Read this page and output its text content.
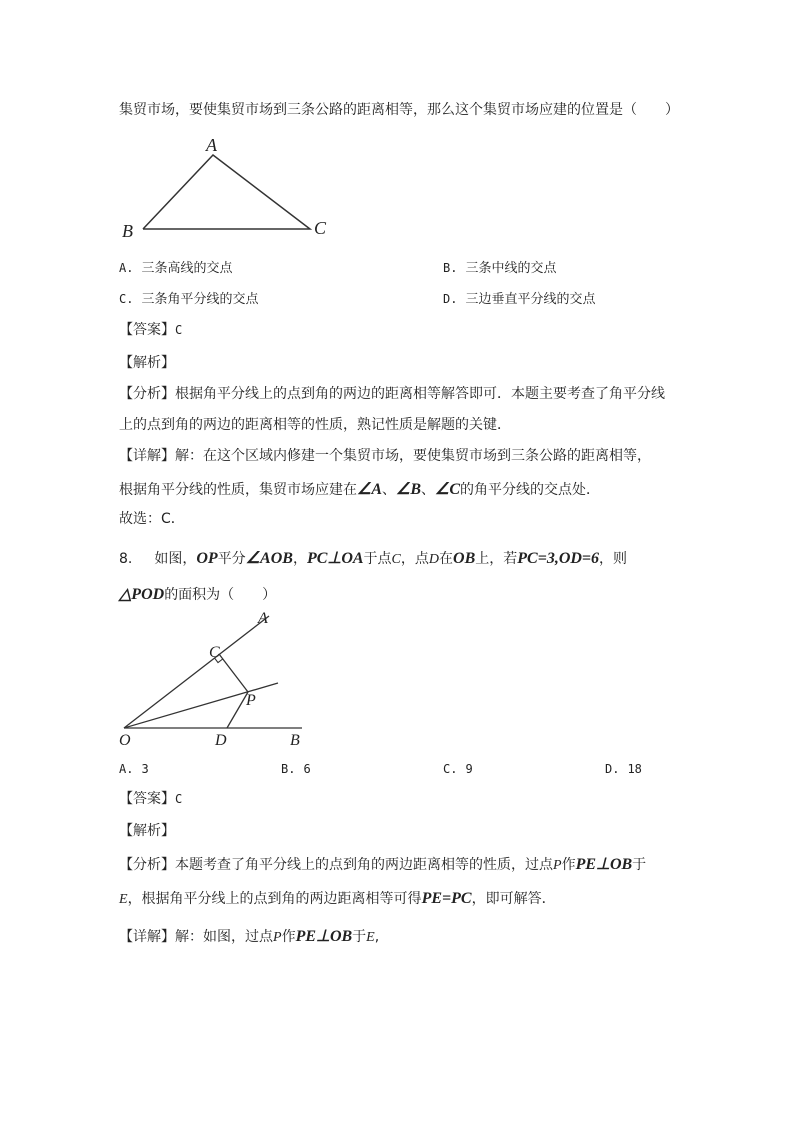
集贸市场，要使集贸市场到三条公路的距离相等，那么这个集贸市场应建的位置是（　　）
A
B	C
A. 三条高线的交点	B. 三条中线的交点
C. 三条角平分线的交点	D. 三边垂直平分线的交点
【答案】C
【解析】
【分析】根据角平分线上的点到角的两边的距离相等解答即可．本题主要考查了角平分线
上的点到角的两边的距离相等的性质，熟记性质是解题的关键．
【详解】解：在这个区域内修建一个集贸市场，要使集贸市场到三条公路的距离相等，
根据角平分线的性质，集贸市场应建在∠A、∠B、∠C的角平分线的交点处．
故选：C．
8. 如图，OP平分∠AOB，PC⊥OA于点C，点D在OB上，若PC=3,OD=6，则
△POD的面积为（　　）
A
C
P
O	D	B
A. 3	B. 6	C. 9	D. 18
【答案】C
【解析】
【分析】本题考查了角平分线上的点到角的两边距离相等的性质，过点P作PE⊥OB于
E，根据角平分线上的点到角的两边距离相等可得PE=PC，即可解答．
【详解】解：如图，过点P作PE⊥OB于E,
